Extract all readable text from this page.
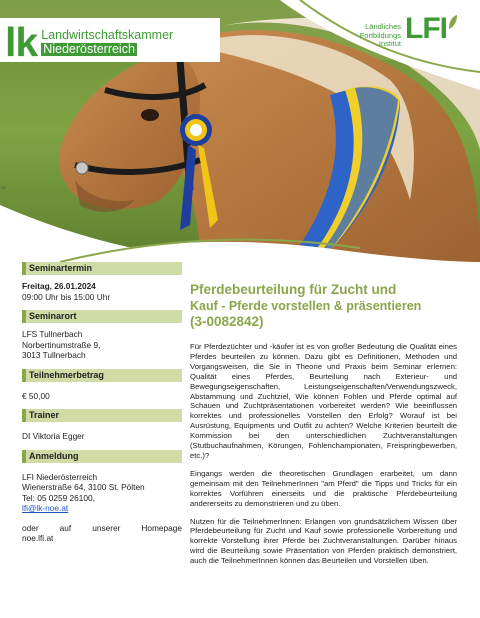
lk Landwirtschaftskammer
Niederösterreich
Ländliches
Fortbildungs
Institut LFI
us
Seminartermin
Freitag, 26.01.2024
09:00 Uhr bis 15:00 Uhr
Seminarort
LFS Tullnerbach
Norbertinumstraße 9,
3013 Tullnerbach
Teilnehmerbetrag
€ 50,00
Trainer
DI Viktoria Egger
Anmeldung
LFI Niederösterreich
Wienerstraße 64, 3100 St. Pölten
Tel: 05 0259 26100,
lfi@lk-noe.at
oder	auf	unserer	Homepage
noe.lfi.at
Pferdebeurteilung für Zucht und
Kauf - Pferde vorstellen & präsentieren
(3-0082842)

Für Pferdezüchter und -käufer ist es von großer Bedeutung die Qualität eines Pferdes beurteilen zu können. Dazu gibt es Definitionen, Methoden und Vorgangsweisen, die Sie in Theorie und Praxis beim Seminar erlernen: Qualität eines Pferdes, Beurteilung nach Exterieur- und Bewegungseigenschaften, Leistungseigenschaften/Verwendungszweck, Abstammung und Zuchtziel, Wie können Fohlen und Pferde optimal auf Schauen und Zuchtpräsentationen vorbereitet werden? Wie beeinflussen korrektes und professionelles Vorstellen den Erfolg? Worauf ist bei Ausrüstung, Equipments und Outfit zu achten? Welche Kriterien beurteilt die Kommission bei den unterschiedlichen Zuchtveranstaltungen (Stutbuchaufnahmen, Körungen, Fohlenchampionaten, Freispringbewerben, etc.)?

Eingangs werden die theoretischen Grundlagen erarbeitet, um dann gemeinsam mit den TeilnehmerInnen "am Pferd" die Tipps und Tricks für ein korrektes Vorführen einerseits und die praktische Pferdebeurteilung andererseits zu demonstrieren und zu üben.

Nutzen für die TeilnehmerInnen: Erlangen von grundsätzlichem Wissen über Pferdebeurteilung für Zucht und Kauf sowie professionelle Vorbereitung und korrekte Vorstellung ihrer Pferde bei Zuchtveranstaltungen. Darüber hinaus wird die Beurteilung sowie Präsentation von Pferden praktisch demonstriert, auch die TeilnehmerInnen können das Beurteilen und Vorstellen üben.
